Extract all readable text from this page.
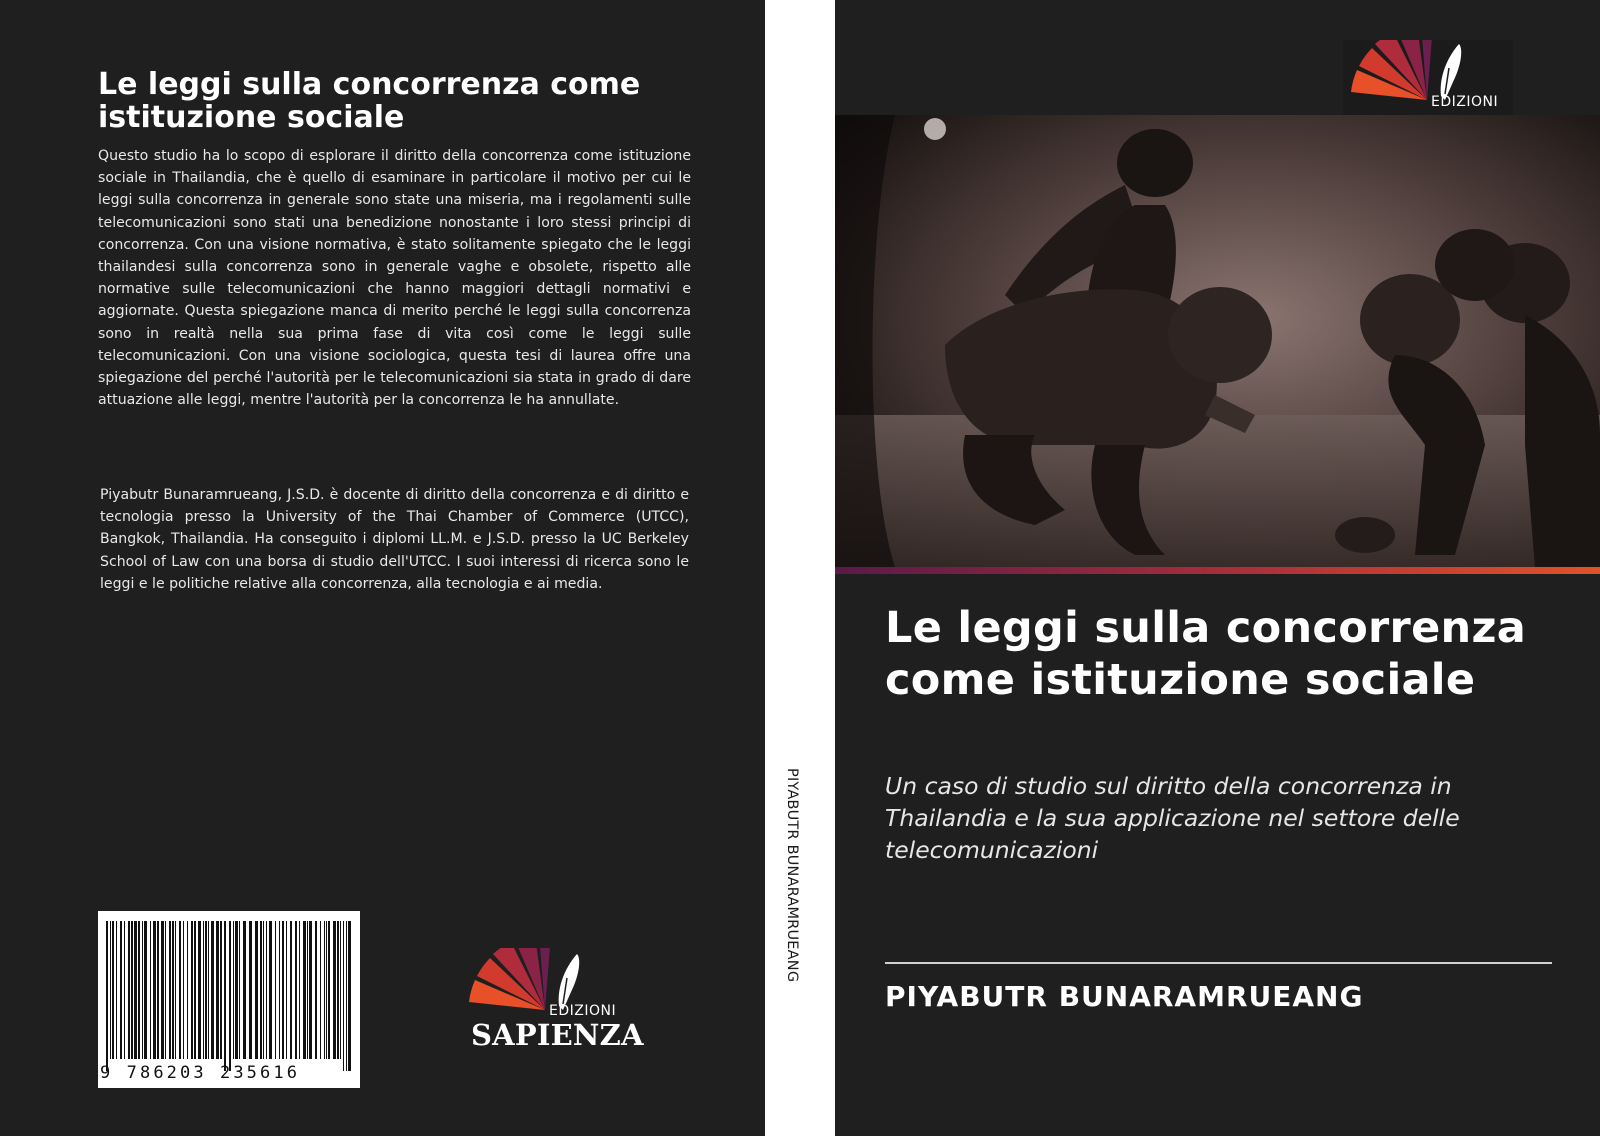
Le leggi sulla concorrenza come istituzione sociale

Questo studio ha lo scopo di esplorare il diritto della concorrenza come istituzione sociale in Thailandia, che è quello di esaminare in particolare il motivo per cui le leggi sulla concorrenza in generale sono state una miseria, ma i regolamenti sulle telecomunicazioni sono stati una benedizione nonostante i loro stessi principi di concorrenza. Con una visione normativa, è stato solitamente spiegato che le leggi thailandesi sulla concorrenza sono in generale vaghe e obsolete, rispetto alle normative sulle telecomunicazioni che hanno maggiori dettagli normativi e aggiornate. Questa spiegazione manca di merito perché le leggi sulla concorrenza sono in realtà nella sua prima fase di vita così come le leggi sulle telecomunicazioni. Con una visione sociologica, questa tesi di laurea offre una spiegazione del perché l'autorità per le telecomunicazioni sia stata in grado di dare attuazione alle leggi, mentre l'autorità per la concorrenza le ha annullate.

Piyabutr Bunaramrueang, J.S.D. è docente di diritto della concorrenza e di diritto e tecnologia presso la University of the Thai Chamber of Commerce (UTCC), Bangkok, Thailandia. Ha conseguito i diplomi LL.M. e J.S.D. presso la UC Berkeley School of Law con una borsa di studio dell'UTCC. I suoi interessi di ricerca sono le leggi e le politiche relative alla concorrenza, alla tecnologia e ai media.

9 786203 235616
EDIZIONI
SAPIENZA
PIYABUTR BUNARAMRUEANG
EDIZIONI
Le leggi sulla concorrenza come istituzione sociale

Un caso di studio sul diritto della concorrenza in Thailandia e la sua applicazione nel settore delle telecomunicazioni

PIYABUTR BUNARAMRUEANG
